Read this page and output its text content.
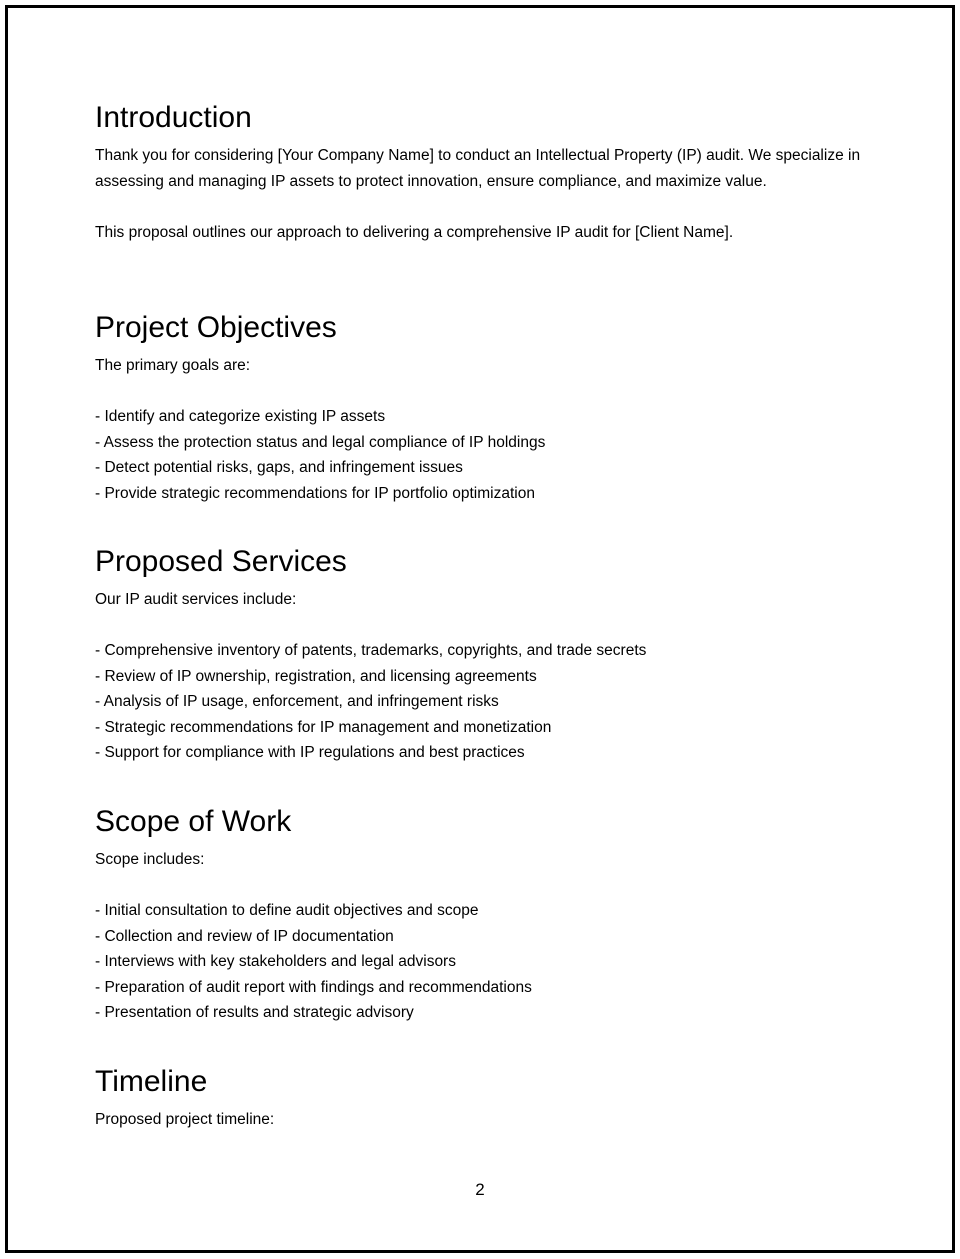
Introduction

Thank you for considering [Your Company Name] to conduct an Intellectual Property (IP) audit. We specialize in assessing and managing IP assets to protect innovation, ensure compliance, and maximize value.

This proposal outlines our approach to delivering a comprehensive IP audit for [Client Name].

Project Objectives

The primary goals are:

- Identify and categorize existing IP assets
- Assess the protection status and legal compliance of IP holdings
- Detect potential risks, gaps, and infringement issues
- Provide strategic recommendations for IP portfolio optimization
Proposed Services

Our IP audit services include:

- Comprehensive inventory of patents, trademarks, copyrights, and trade secrets
- Review of IP ownership, registration, and licensing agreements
- Analysis of IP usage, enforcement, and infringement risks
- Strategic recommendations for IP management and monetization
- Support for compliance with IP regulations and best practices
Scope of Work

Scope includes:

- Initial consultation to define audit objectives and scope
- Collection and review of IP documentation
- Interviews with key stakeholders and legal advisors
- Preparation of audit report with findings and recommendations
- Presentation of results and strategic advisory
Timeline

Proposed project timeline:

2
